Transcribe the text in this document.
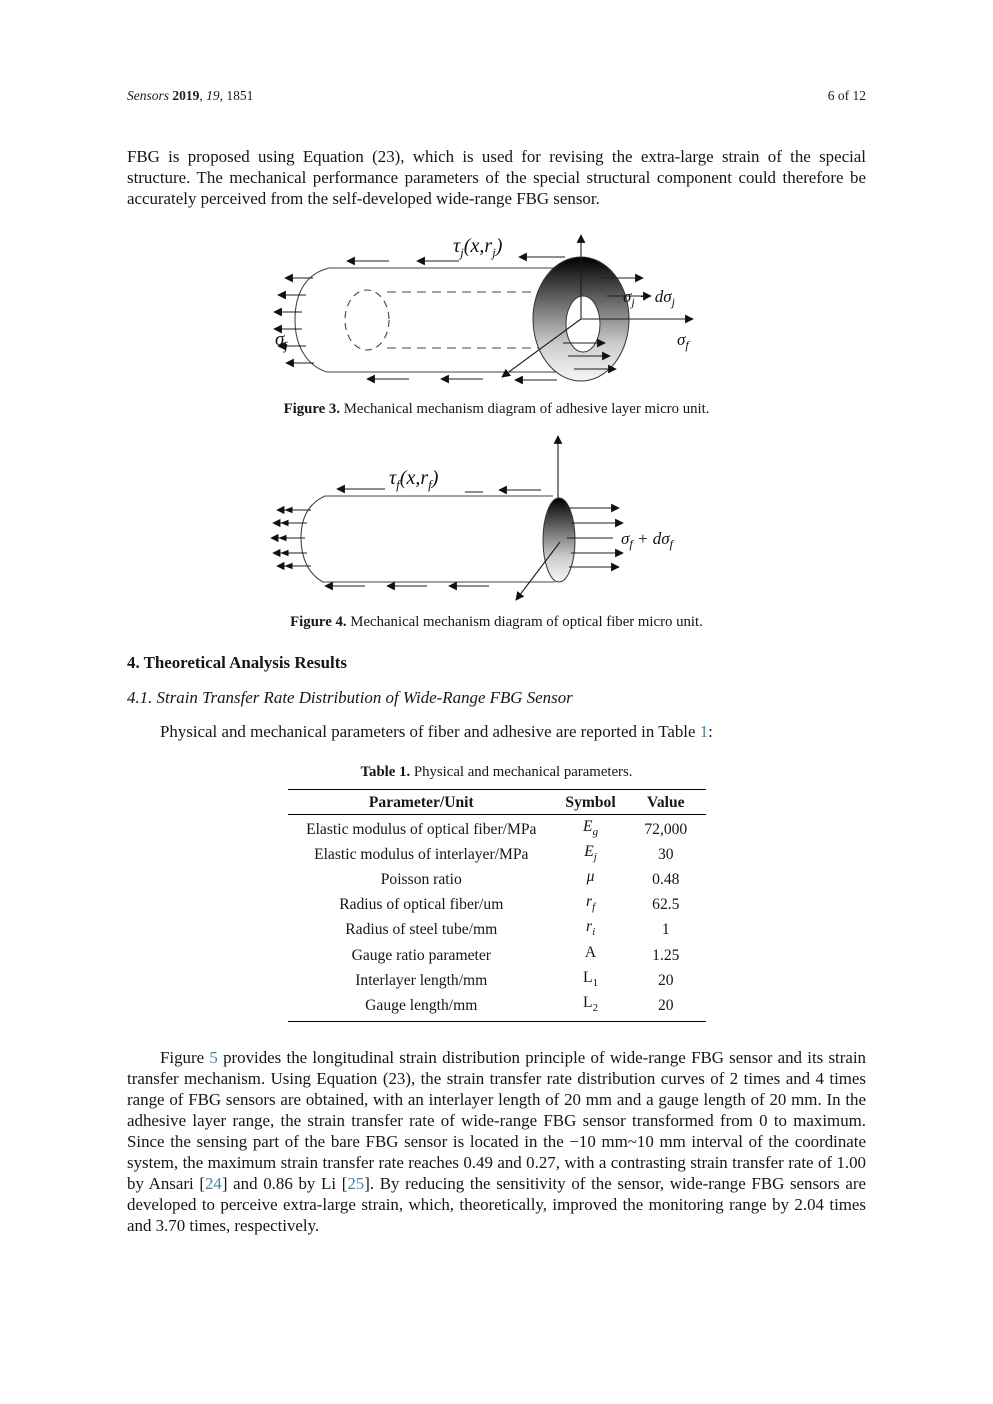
Sensors 2019, 19, 1851	6 of 12

FBG is proposed using Equation (23), which is used for revising the extra-large strain of the special structure. The mechanical performance parameters of the special structural component could therefore be accurately perceived from the self-developed wide-range FBG sensor.

$\tau_j(x,r_j)$
$\sigma_j$
$\sigma_j + d\sigma_j$
$\sigma_f$

Figure 3. Mechanical mechanism diagram of adhesive layer micro unit.

$\tau_f(x,r_f)$
$\sigma_f + d\sigma_f$

Figure 4. Mechanical mechanism diagram of optical fiber micro unit.

4. Theoretical Analysis Results
4.1. Strain Transfer Rate Distribution of Wide-Range FBG Sensor

Physical and mechanical parameters of fiber and adhesive are reported in Table 1:

Table 1. Physical and mechanical parameters.

Parameter/Unit	Symbol	Value
Elastic modulus of optical fiber/MPa	$E_g$	72,000
Elastic modulus of interlayer/MPa	$E_j$	30
Poisson ratio	μ	0.48
Radius of optical fiber/um	$r_f$	62.5
Radius of steel tube/mm	$r_i$	1
Gauge ratio parameter	A	1.25
Interlayer length/mm	$L_1$	20
Gauge length/mm	$L_2$	20

Figure 5 provides the longitudinal strain distribution principle of wide-range FBG sensor and its strain transfer mechanism. Using Equation (23), the strain transfer rate distribution curves of 2 times and 4 times range of FBG sensors are obtained, with an interlayer length of 20 mm and a gauge length of 20 mm. In the adhesive layer range, the strain transfer rate of wide-range FBG sensor transformed from 0 to maximum. Since the sensing part of the bare FBG sensor is located in the −10 mm~10 mm interval of the coordinate system, the maximum strain transfer rate reaches 0.49 and 0.27, with a contrasting strain transfer rate of 1.00 by Ansari [24] and 0.86 by Li [25]. By reducing the sensitivity of the sensor, wide-range FBG sensors are developed to perceive extra-large strain, which, theoretically, improved the monitoring range by 2.04 times and 3.70 times, respectively.
